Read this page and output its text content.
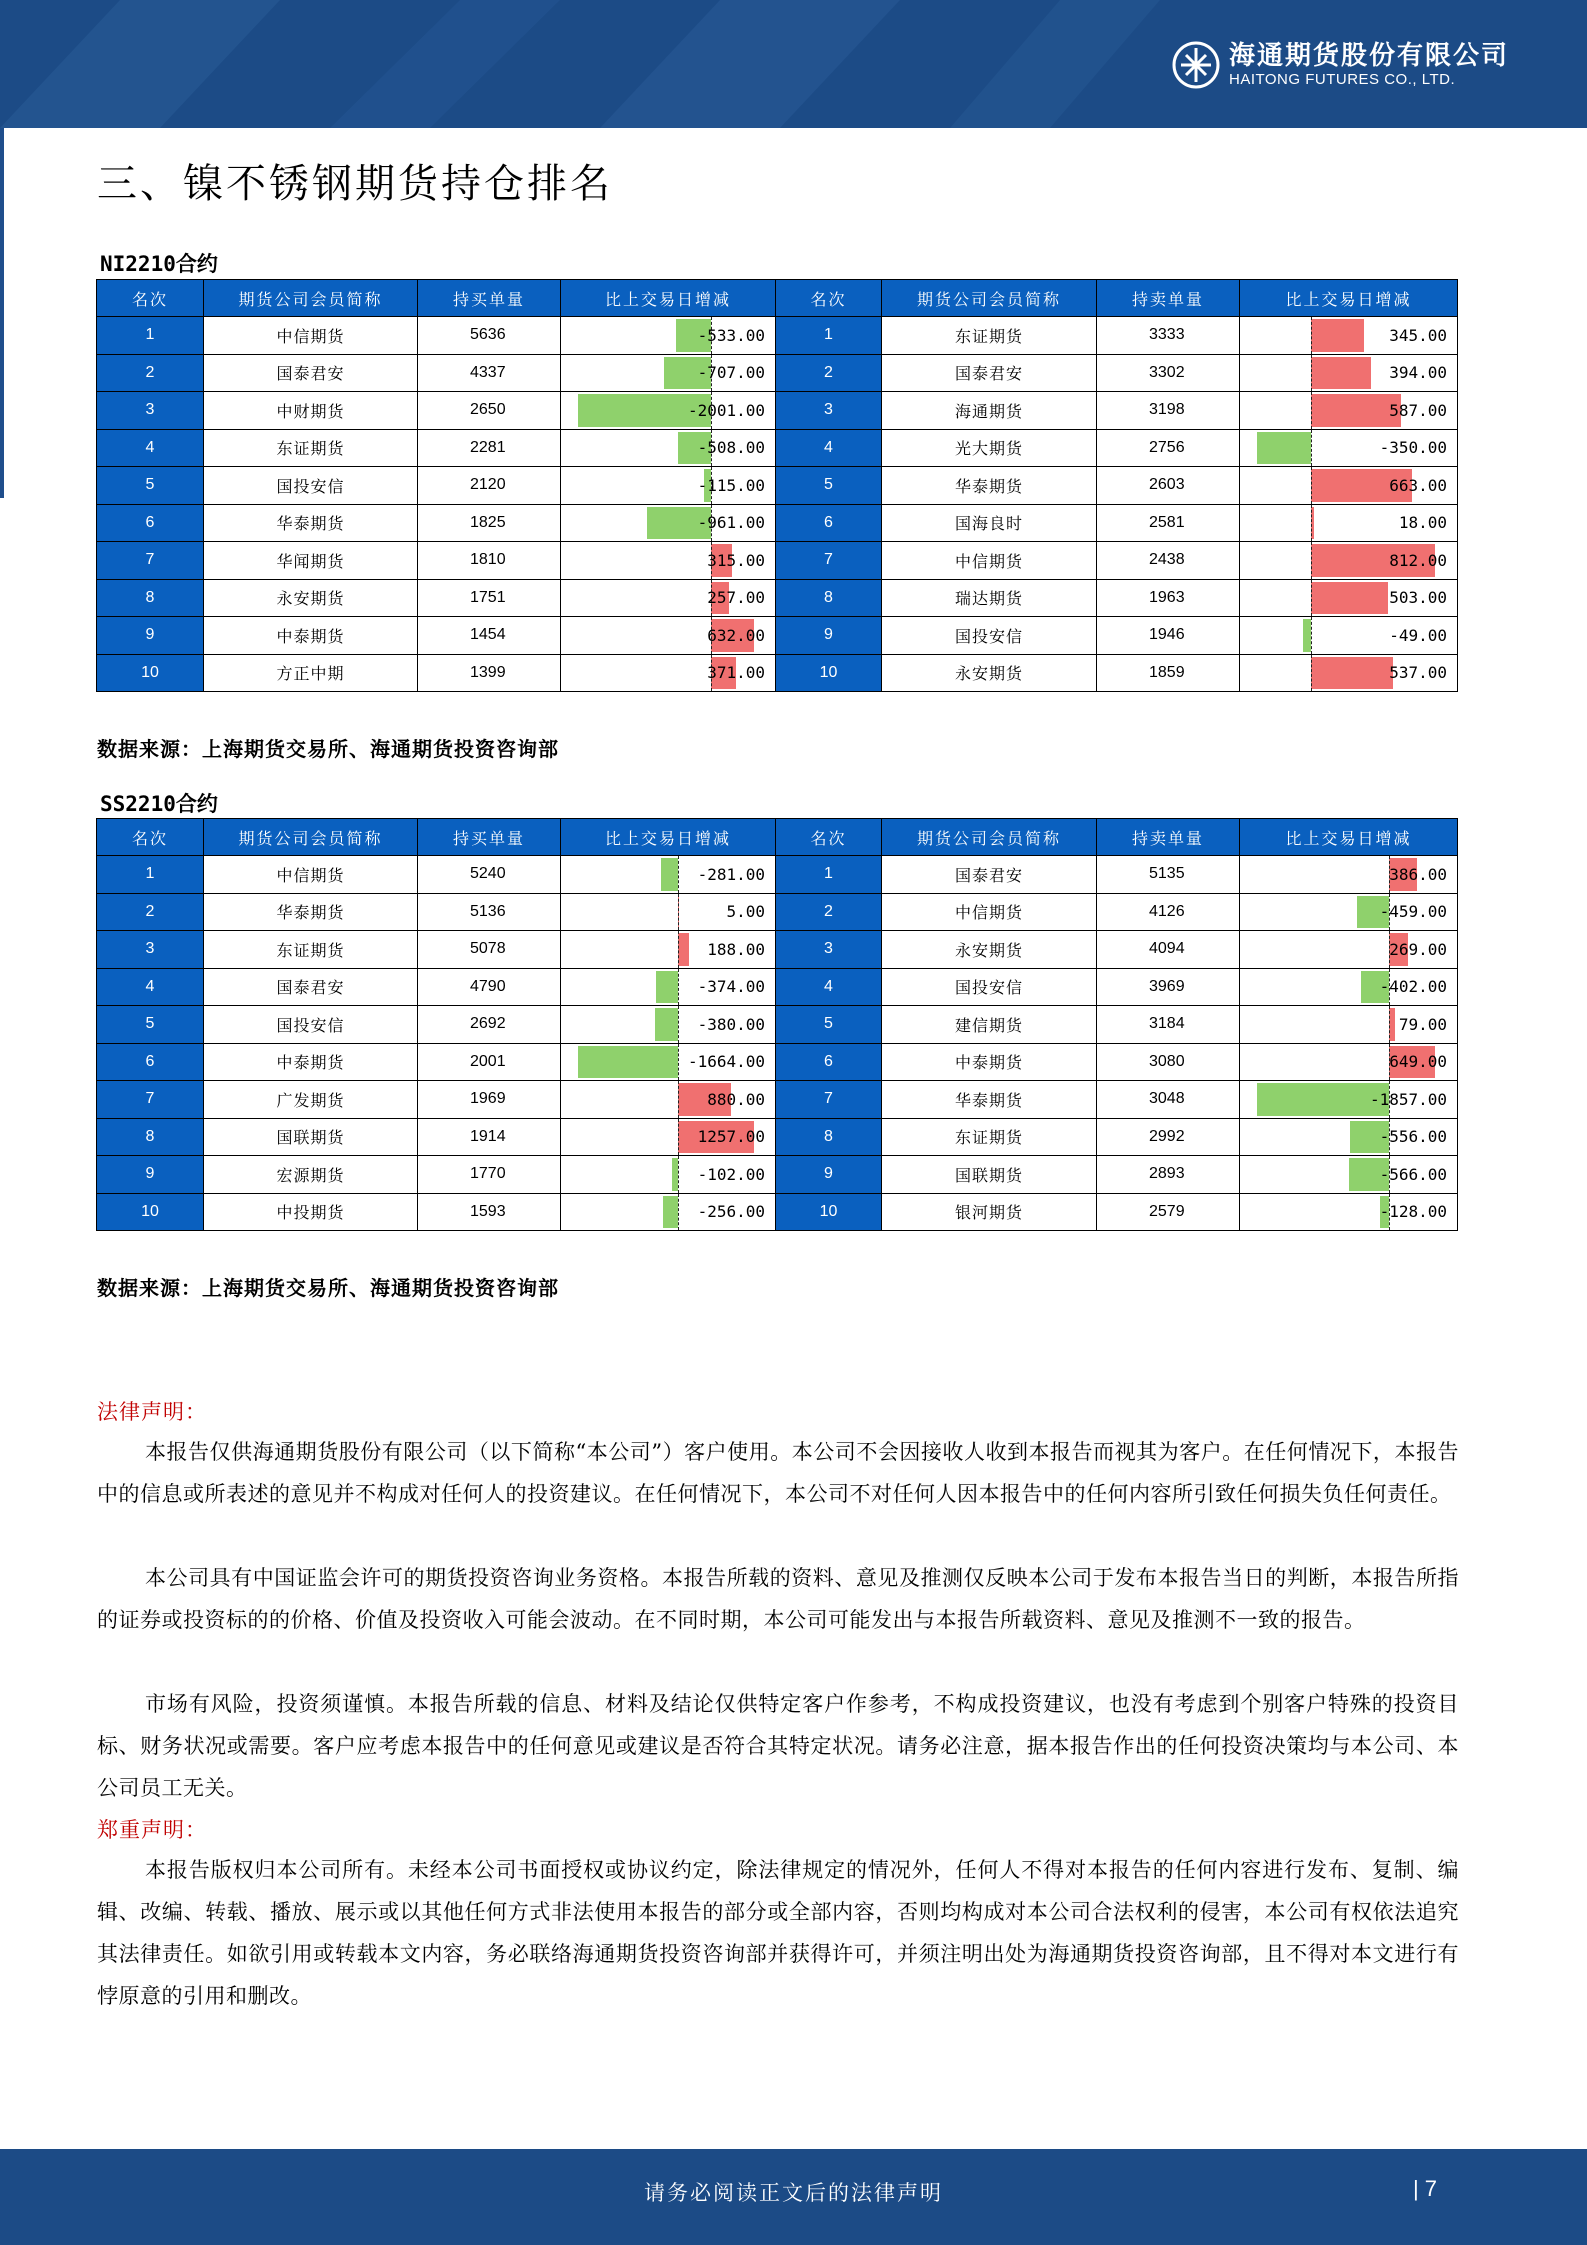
海通期货股份有限公司
HAITONG FUTURES CO., LTD.
三、镍不锈钢期货持仓排名
NI2210合约
名次	期货公司会员简称	持买单量	比上交易日增减	名次	期货公司会员简称	持卖单量	比上交易日增减
1	中信期货	5636	-533.00	1	东证期货	3333	345.00

2	国泰君安	4337	-707.00	2	国泰君安	3302	394.00

3	中财期货	2650	-2001.00	3	海通期货	3198	587.00

4	东证期货	2281	-508.00	4	光大期货	2756	-350.00

5	国投安信	2120	-115.00	5	华泰期货	2603	663.00

6	华泰期货	1825	-961.00	6	国海良时	2581	18.00

7	华闻期货	1810	315.00	7	中信期货	2438	812.00

8	永安期货	1751	257.00	8	瑞达期货	1963	503.00

9	中泰期货	1454	632.00	9	国投安信	1946	-49.00

10	方正中期	1399	371.00	10	永安期货	1859	537.00
数据来源：上海期货交易所、海通期货投资咨询部
SS2210合约
名次	期货公司会员简称	持买单量	比上交易日增减	名次	期货公司会员简称	持卖单量	比上交易日增减
1	中信期货	5240	-281.00	1	国泰君安	5135	386.00

2	华泰期货	5136	5.00	2	中信期货	4126	-459.00

3	东证期货	5078	188.00	3	永安期货	4094	269.00

4	国泰君安	4790	-374.00	4	国投安信	3969	-402.00

5	国投安信	2692	-380.00	5	建信期货	3184	79.00

6	中泰期货	2001	-1664.00	6	中泰期货	3080	649.00

7	广发期货	1969	880.00	7	华泰期货	3048	-1857.00

8	国联期货	1914	1257.00	8	东证期货	2992	-556.00

9	宏源期货	1770	-102.00	9	国联期货	2893	-566.00

10	中投期货	1593	-256.00	10	银河期货	2579	-128.00
数据来源：上海期货交易所、海通期货投资咨询部
法律声明：

本报告仅供海通期货股份有限公司（以下简称“本公司”）客户使用。本公司不会因接收人收到本报告而视其为客户。在任何情况下，本报告中的信息或所表述的意见并不构成对任何人的投资建议。在任何情况下，本公司不对任何人因本报告中的任何内容所引致任何损失负任何责任。

本公司具有中国证监会许可的期货投资咨询业务资格。本报告所载的资料、意见及推测仅反映本公司于发布本报告当日的判断，本报告所指的证券或投资标的的价格、价值及投资收入可能会波动。在不同时期，本公司可能发出与本报告所载资料、意见及推测不一致的报告。

市场有风险，投资须谨慎。本报告所载的信息、材料及结论仅供特定客户作参考，不构成投资建议，也没有考虑到个别客户特殊的投资目标、财务状况或需要。客户应考虑本报告中的任何意见或建议是否符合其特定状况。请务必注意，据本报告作出的任何投资决策均与本公司、本公司员工无关。

郑重声明：

本报告版权归本公司所有。未经本公司书面授权或协议约定，除法律规定的情况外，任何人不得对本报告的任何内容进行发布、复制、编辑、改编、转载、播放、展示或以其他任何方式非法使用本报告的部分或全部内容，否则均构成对本公司合法权利的侵害，本公司有权依法追究其法律责任。如欲引用或转载本文内容，务必联络海通期货投资咨询部并获得许可，并须注明出处为海通期货投资咨询部，且不得对本文进行有悖原意的引用和删改。

请务必阅读正文后的法律声明	| 7
